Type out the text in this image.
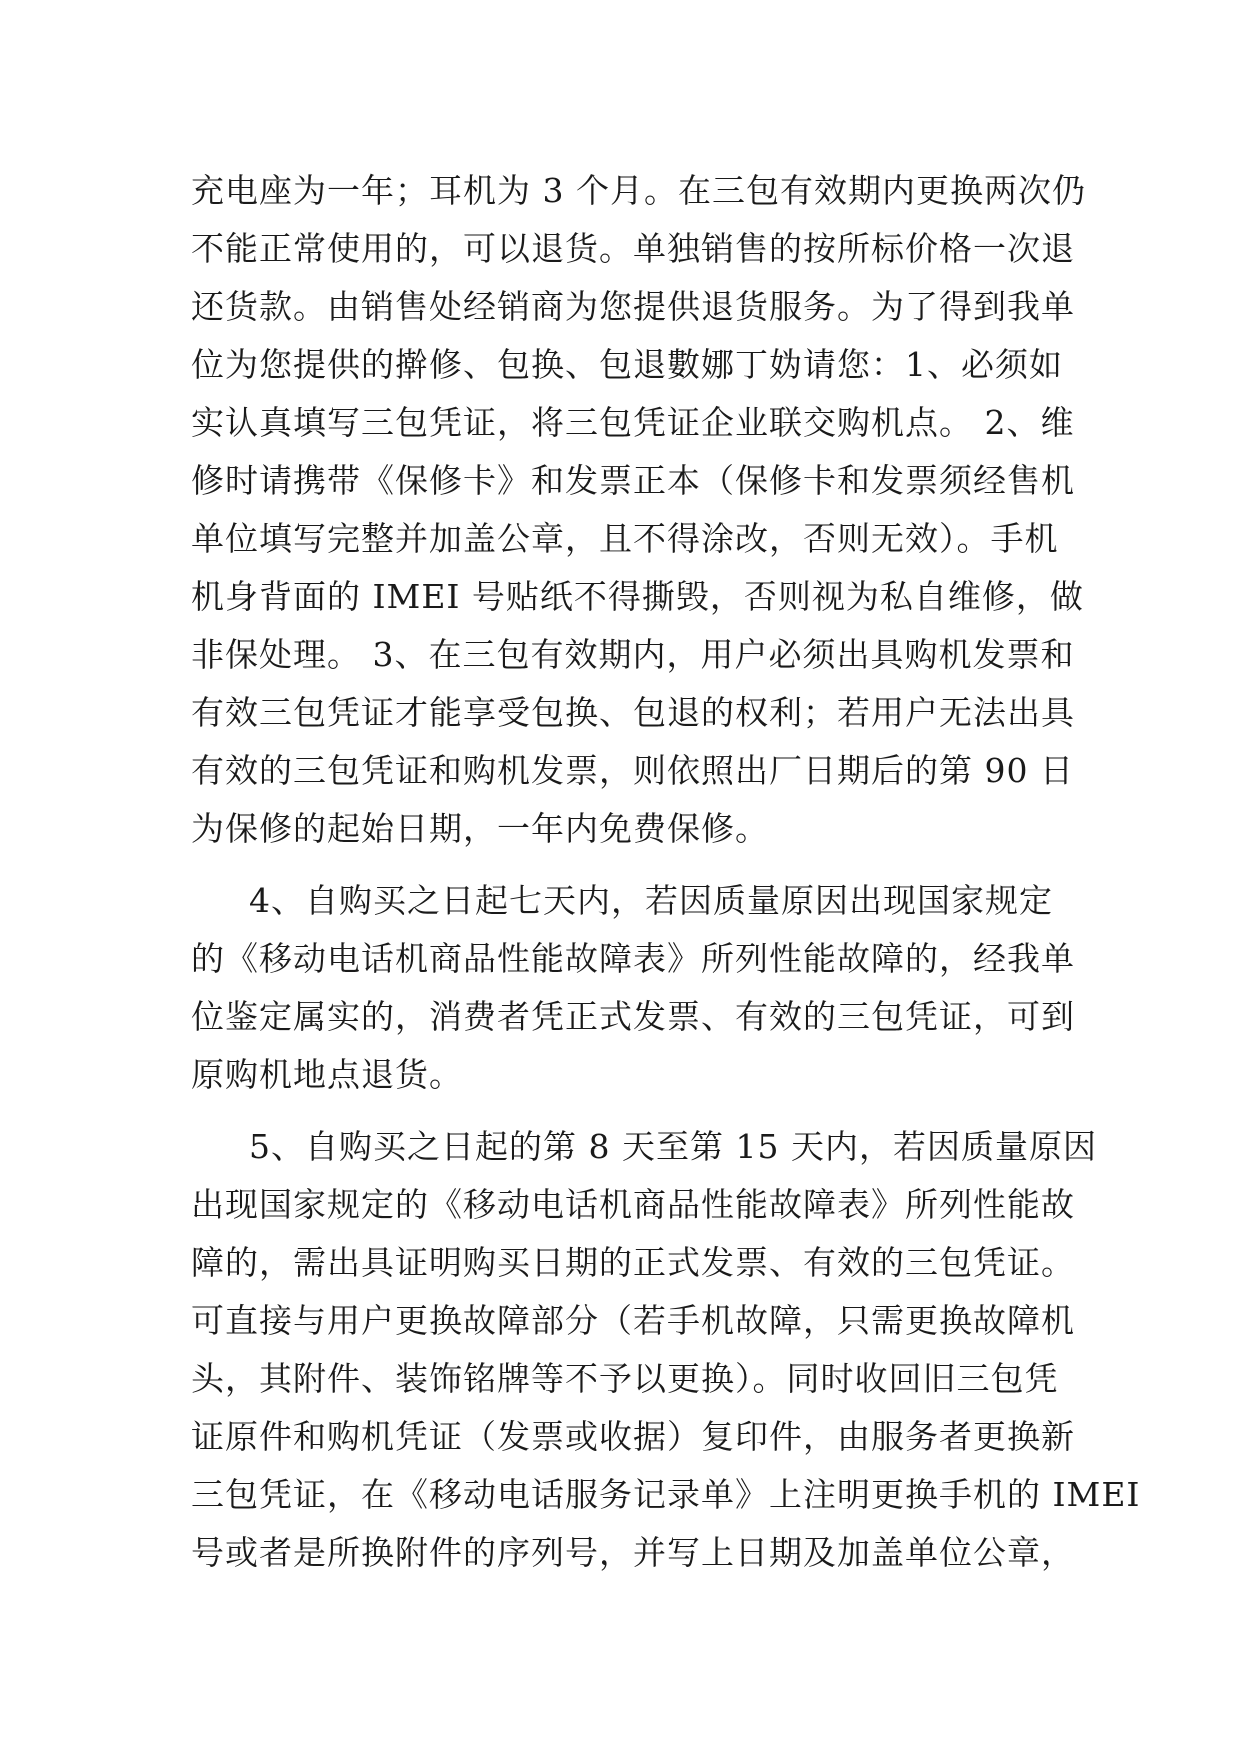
充电座为一年；耳机为 3 个月。在三包有效期内更换两次仍
不能正常使用的，可以退货。单独销售的按所标价格一次退
还货款。由销售处经销商为您提供退货服务。为了得到我单
位为您提供的擀修、包换、包退數娜丁妫请您：1、必须如
实认真填写三包凭证，将三包凭证企业联交购机点。 2、维
修时请携带《保修卡》和发票正本（保修卡和发票须经售机
单位填写完整并加盖公章，且不得涂改，否则无效）。手机
机身背面的 IMEI 号贴纸不得撕毁，否则视为私自维修，做
非保处理。 3、在三包有效期内，用户必须出具购机发票和
有效三包凭证才能享受包换、包退的权利；若用户无法出具
有效的三包凭证和购机发票，则依照出厂日期后的第 90 日
为保修的起始日期，一年内免费保修。
4、自购买之日起七天内，若因质量原因出现国家规定
的《移动电话机商品性能故障表》所列性能故障的，经我单
位鉴定属实的，消费者凭正式发票、有效的三包凭证，可到
原购机地点退货。
5、自购买之日起的第 8 天至第 15 天内，若因质量原因
出现国家规定的《移动电话机商品性能故障表》所列性能故
障的，需出具证明购买日期的正式发票、有效的三包凭证。
可直接与用户更换故障部分（若手机故障，只需更换故障机
头，其附件、装饰铭牌等不予以更换）。同时收回旧三包凭
证原件和购机凭证（发票或收据）复印件，由服务者更换新
三包凭证，在《移动电话服务记录单》上注明更换手机的 IMEI
号或者是所换附件的序列号，并写上日期及加盖单位公章，
